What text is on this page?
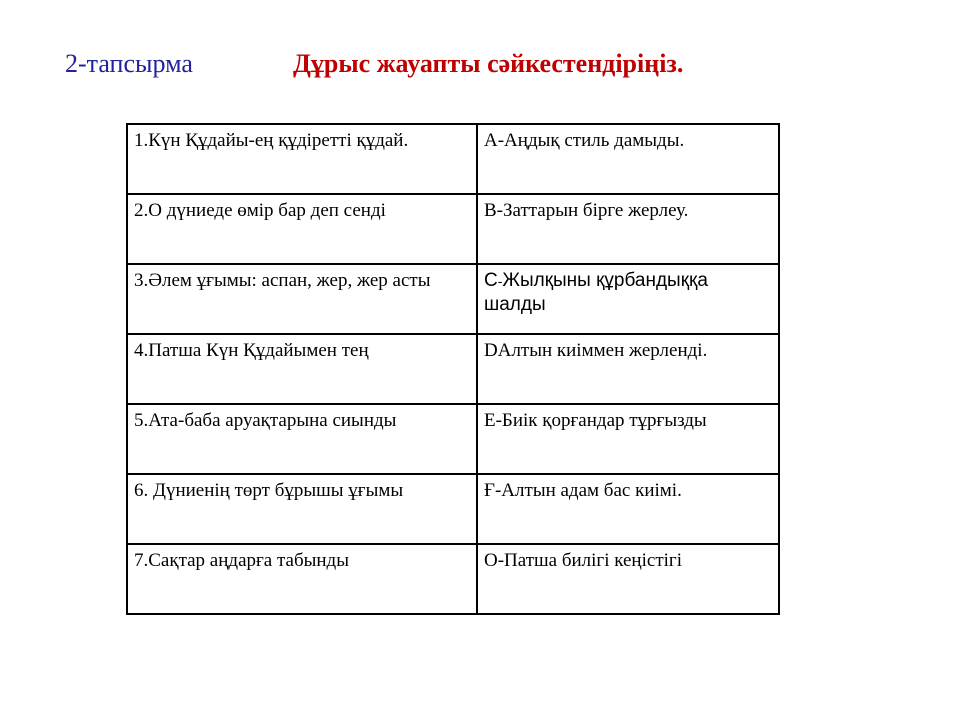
2-тапсырма	Дұрыс жауапты сәйкестендіріңіз.
1.Күн Құдайы-ең құдіретті құдай.	А-Аңдық стиль дамыды.
2.О дүниеде өмір бар деп сенді	В-Заттарын бірге жерлеу.
3.Әлем ұғымы: аспан, жер, жер асты	С-Жылқыны құрбандыққа шалды
4.Патша Күн Құдайымен тең	DАлтын киіммен жерленді.
5.Ата-баба аруақтарына сиынды	Е-Биік қорғандар тұрғызды
6. Дүниенің төрт бұрышы ұғымы	Ғ-Алтын адам бас киімі.
7.Сақтар аңдарға табынды	О-Патша билігі кеңістігі
